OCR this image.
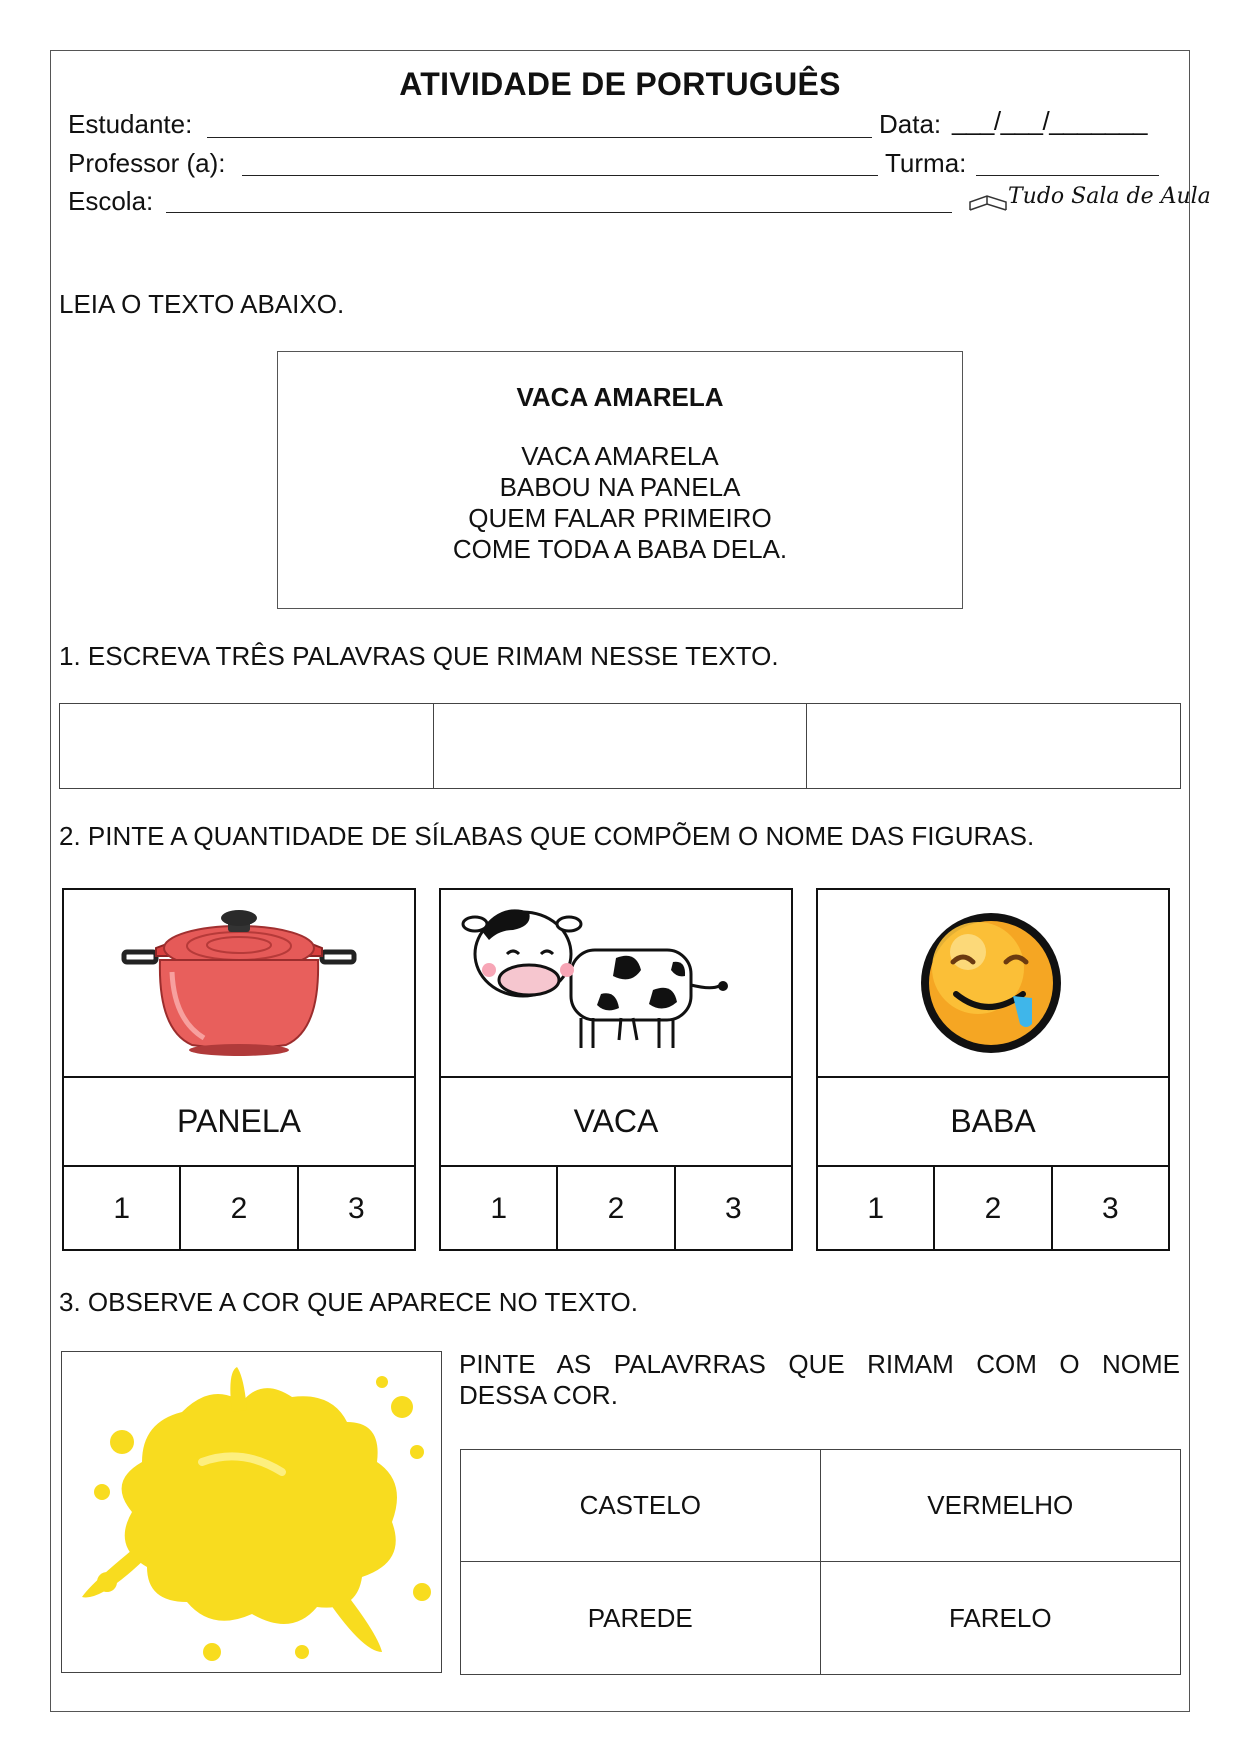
ATIVIDADE DE PORTUGUÊS
Estudante:	Data: ___/___/_______
Professor (a):	Turma:
Escola:	Tudo Sala de Aula
LEIA O TEXTO ABAIXO.
VACA AMARELA
VACA AMARELA
BABOU NA PANELA
QUEM FALAR PRIMEIRO
COME TODA A BABA DELA.
1. ESCREVA TRÊS PALAVRAS QUE RIMAM NESSE TEXTO.
2. PINTE A QUANTIDADE DE SÍLABAS QUE COMPÕEM O NOME DAS FIGURAS.
PANELA
1	2	3
VACA
1	2	3
BABA
1	2	3
3. OBSERVE A COR QUE APARECE NO TEXTO.
PINTE AS PALAVRRAS QUE RIMAM COM O NOME
DESSA COR.
CASTELO	VERMELHO
PAREDE	FARELO
